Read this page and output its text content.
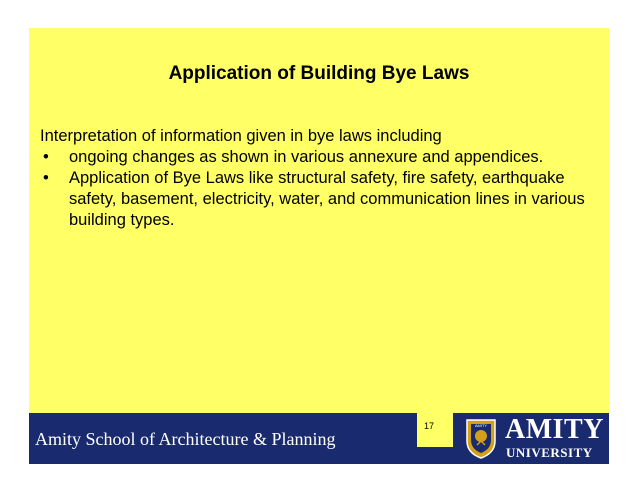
Application of Building Bye Laws

Interpretation of information given in bye laws including

• ongoing changes as shown in various annexure and appendices.
• Application of Bye Laws like structural safety, fire safety, earthquake safety, basement, electricity, water, and communication lines in various building types.
Amity School of Architecture & Planning
17	AMITY AMITY
UNIVERSITY
